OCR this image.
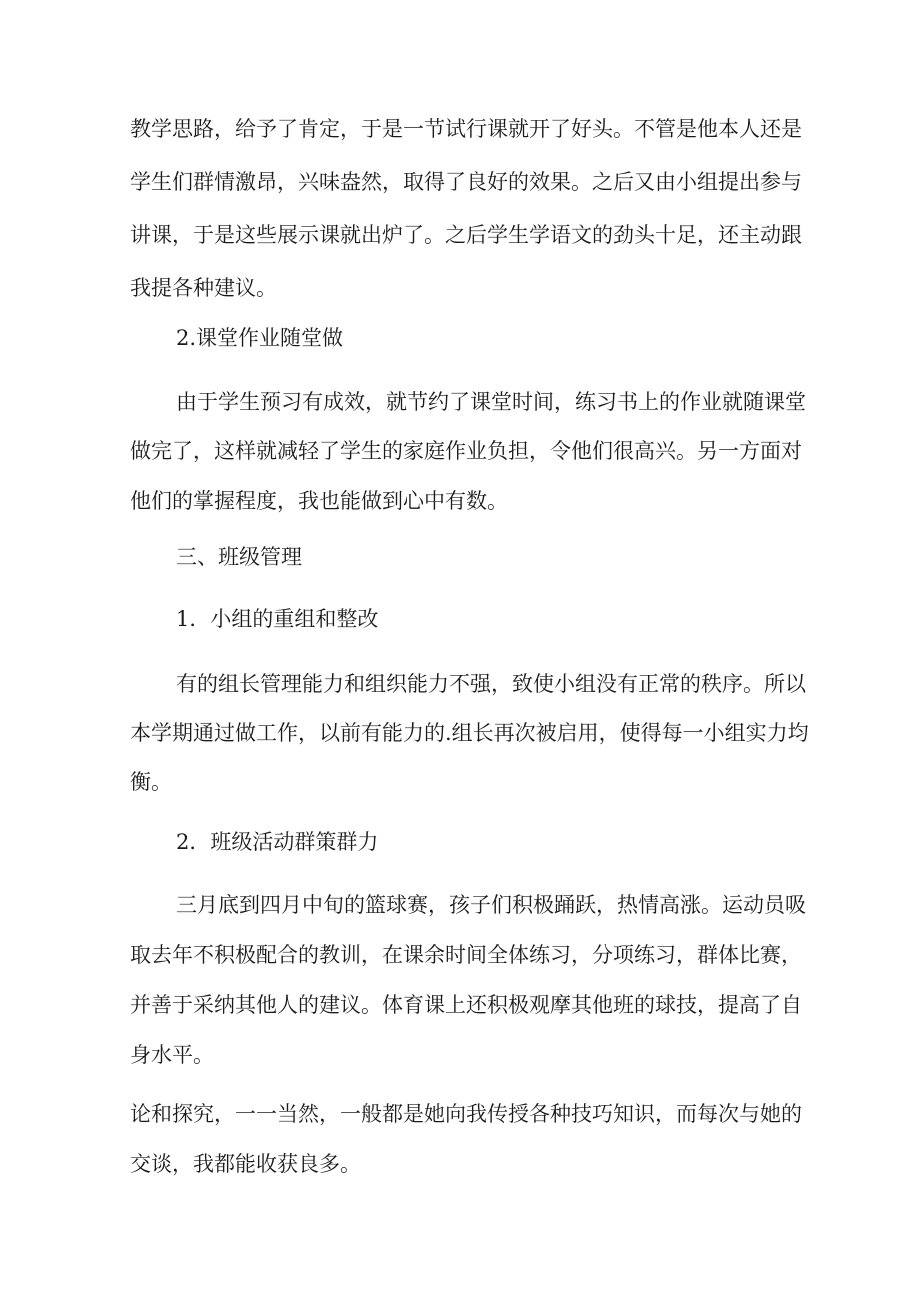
教学思路，给予了肯定，于是一节试行课就开了好头。不管是他本人还是

学生们群情激昂，兴味盎然，取得了良好的效果。之后又由小组提出参与

讲课，于是这些展示课就出炉了。之后学生学语文的劲头十足，还主动跟

我提各种建议。

2.课堂作业随堂做

由于学生预习有成效，就节约了课堂时间，练习书上的作业就随课堂

做完了，这样就减轻了学生的家庭作业负担，令他们很高兴。另一方面对

他们的掌握程度，我也能做到心中有数。

三、班级管理

1．小组的重组和整改

有的组长管理能力和组织能力不强，致使小组没有正常的秩序。所以

本学期通过做工作，以前有能力的.组长再次被启用，使得每一小组实力均

衡。

2．班级活动群策群力

三月底到四月中旬的篮球赛，孩子们积极踊跃，热情高涨。运动员吸

取去年不积极配合的教训，在课余时间全体练习，分项练习，群体比赛，

并善于采纳其他人的建议。体育课上还积极观摩其他班的球技，提高了自

身水平。

论和探究，一一当然，一般都是她向我传授各种技巧知识，而每次与她的

交谈，我都能收获良多。
